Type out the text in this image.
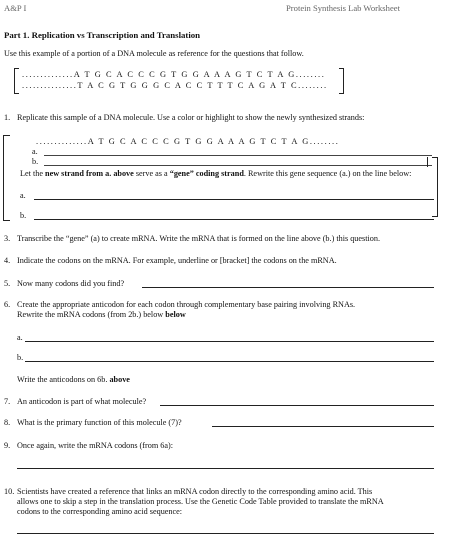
A&P I	Protein Synthesis Lab Worksheet
Part 1. Replication vs Transcription and Translation
Use this example of a portion of a DNA molecule as reference for the questions that follow.
..............A T G C A C C C G T G G A A A G T C T A G........
...............T A C G T G G G C A C C T T T C A G A T C........
1. Replicate this sample of a DNA molecule. Use a color or highlight to show the newly synthesized strands:
..............A T G C A C C C G T G G A A A G T C T A G........
a.
b.
Let the new strand from a. above serve as a “gene” coding strand. Rewrite this gene sequence (a.) on the line below:
a.
b.
3. Transcribe the “gene” (a) to create mRNA. Write the mRNA that is formed on the line above (b.) this question.
4. Indicate the codons on the mRNA. For example, underline or [bracket] the codons on the mRNA.
5. Now many codons did you find?
6. Create the appropriate anticodon for each codon through complementary base pairing involving RNAs.
Rewrite the mRNA codons (from 2b.) below below
a.
b.
Write the anticodons on 6b. above
7. An anticodon is part of what molecule?
8. What is the primary function of this molecule (7)?
9. Once again, write the mRNA codons (from 6a):
10. Scientists have created a reference that links an mRNA codon directly to the corresponding amino acid. This
allows one to skip a step in the translation process. Use the Genetic Code Table provided to translate the mRNA
codons to the corresponding amino acid sequence:
